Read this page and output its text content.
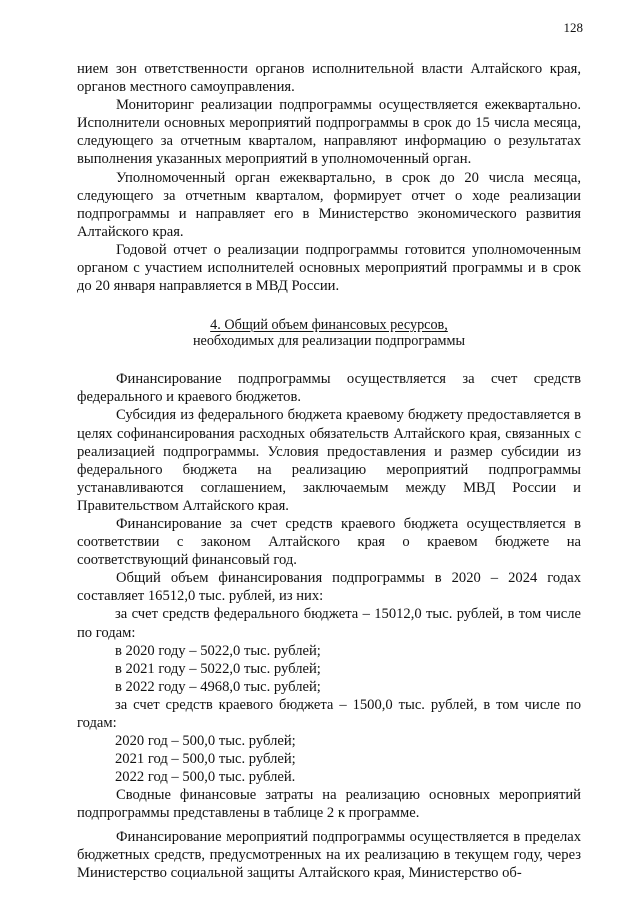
128

нием зон ответственности органов исполнительной власти Алтайского края, органов местного самоуправления.

Мониторинг реализации подпрограммы осуществляется ежеквартально. Исполнители основных мероприятий подпрограммы в срок до 15 числа месяца, следующего за отчетным кварталом, направляют информацию о результатах выполнения указанных мероприятий в уполномоченный орган.

Уполномоченный орган ежеквартально, в срок до 20 числа месяца, следующего за отчетным кварталом, формирует отчет о ходе реализации подпрограммы и направляет его в Министерство экономического развития Алтайского края.

Годовой отчет о реализации подпрограммы готовится уполномоченным органом с участием исполнителей основных мероприятий программы и в срок до 20 января направляется в МВД России.

4. Общий объем финансовых ресурсов,
необходимых для реализации подпрограммы

Финансирование подпрограммы осуществляется за счет средств федерального и краевого бюджетов.

Субсидия из федерального бюджета краевому бюджету предоставляется в целях софинансирования расходных обязательств Алтайского края, связанных с реализацией подпрограммы. Условия предоставления и размер субсидии из федерального бюджета на реализацию мероприятий подпрограммы устанавливаются соглашением, заключаемым между МВД России и Правительством Алтайского края.

Финансирование за счет средств краевого бюджета осуществляется в соответствии с законом Алтайского края о краевом бюджете на соответствующий финансовый год.

Общий объем финансирования подпрограммы в 2020 – 2024 годах составляет 16512,0 тыс. рублей, из них:

за счет средств федерального бюджета – 15012,0 тыс. рублей, в том числе по годам:

в 2020 году – 5022,0 тыс. рублей;

в 2021 году – 5022,0 тыс. рублей;

в 2022 году – 4968,0 тыс. рублей;

за счет средств краевого бюджета – 1500,0 тыс. рублей, в том числе по годам:

2020 год – 500,0 тыс. рублей;

2021 год – 500,0 тыс. рублей;

2022 год – 500,0 тыс. рублей.

Сводные финансовые затраты на реализацию основных мероприятий подпрограммы представлены в таблице 2 к программе.

Финансирование мероприятий подпрограммы осуществляется в пределах бюджетных средств, предусмотренных на их реализацию в текущем году, через Министерство социальной защиты Алтайского края, Министерство об-
